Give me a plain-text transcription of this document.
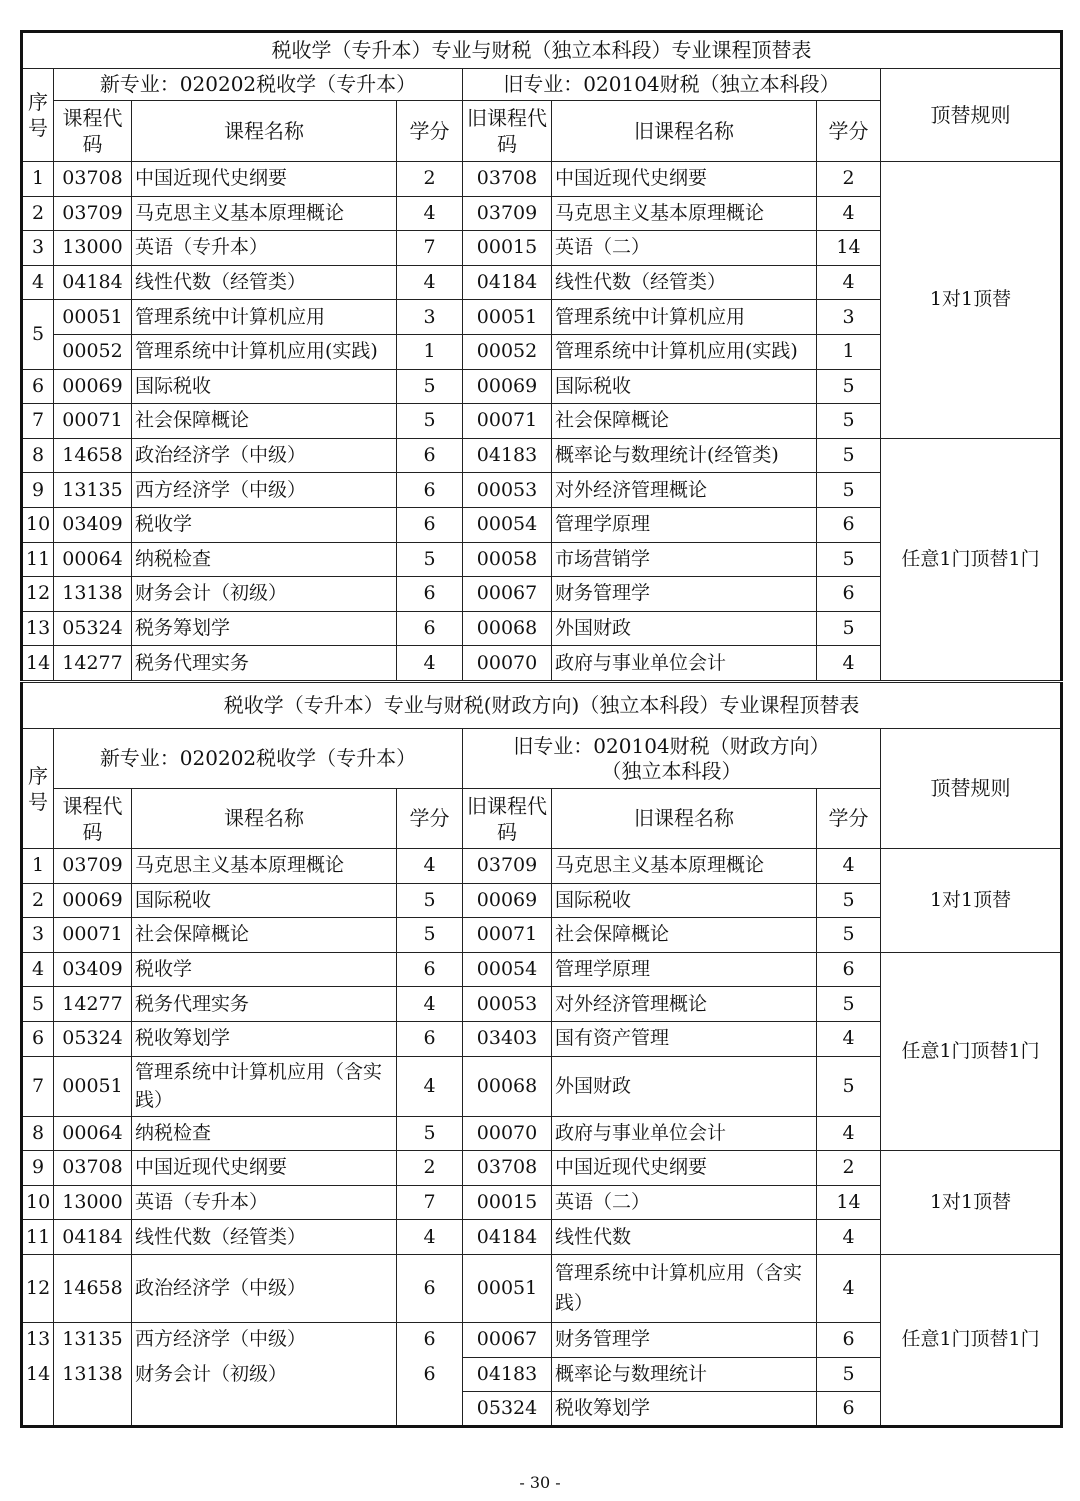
税收学（专升本）专业与财税（独立本科段）专业课程顶替表							
序号	新专业：020202税收学（专升本）			旧专业：020104财税（独立本科段）			顶替规则
	课程代码	课程名称	学分	旧课程代码	旧课程名称	学分	
1	03708	中国近现代史纲要	2	03708	中国近现代史纲要	2	1对1顶替
2	03709	马克思主义基本原理概论	4	03709	马克思主义基本原理概论	4	
3	13000	英语（专升本）	7	00015	英语（二）	14	
4	04184	线性代数（经管类）	4	04184	线性代数（经管类）	4	
5	00051	管理系统中计算机应用	3	00051	管理系统中计算机应用	3	
	00052	管理系统中计算机应用(实践)	1	00052	管理系统中计算机应用(实践)	1	
6	00069	国际税收	5	00069	国际税收	5	
7	00071	社会保障概论	5	00071	社会保障概论	5	
8	14658	政治经济学（中级）	6	04183	概率论与数理统计(经管类)	5	任意1门顶替1门
9	13135	西方经济学（中级）	6	00053	对外经济管理概论	5	
10	03409	税收学	6	00054	管理学原理	6	
11	00064	纳税检查	5	00058	市场营销学	5	
12	13138	财务会计（初级）	6	00067	财务管理学	6	
13	05324	税务筹划学	6	00068	外国财政	5	
14	14277	税务代理实务	4	00070	政府与事业单位会计	4	
税收学（专升本）专业与财税(财政方向)（独立本科段）专业课程顶替表							
序号	新专业：020202税收学（专升本）			旧专业：020104财税（财政方向）
（独立本科段）			顶替规则
	课程代码	课程名称	学分	旧课程代码	旧课程名称	学分	
1	03709	马克思主义基本原理概论	4	03709	马克思主义基本原理概论	4	1对1顶替
2	00069	国际税收	5	00069	国际税收	5	
3	00071	社会保障概论	5	00071	社会保障概论	5	
4	03409	税收学	6	00054	管理学原理	6	任意1门顶替1门
5	14277	税务代理实务	4	00053	对外经济管理概论	5	
6	05324	税收筹划学	6	03403	国有资产管理	4	
7	00051	管理系统中计算机应用（含实践）	4	00068	外国财政	5	
8	00064	纳税检查	5	00070	政府与事业单位会计	4	
9	03708	中国近现代史纲要	2	03708	中国近现代史纲要	2	1对1顶替
10	13000	英语（专升本）	7	00015	英语（二）	14	
11	04184	线性代数（经管类）	4	04184	线性代数	4	
12	14658	政治经济学（中级）	6	00051	管理系统中计算机应用（含实践）	4	任意1门顶替1门
13	13135	西方经济学（中级）	6	00067	财务管理学	6	
14	13138	财务会计（初级）	6	04183	概率论与数理统计	5	
				05324	税收筹划学	6	
- 30 -
